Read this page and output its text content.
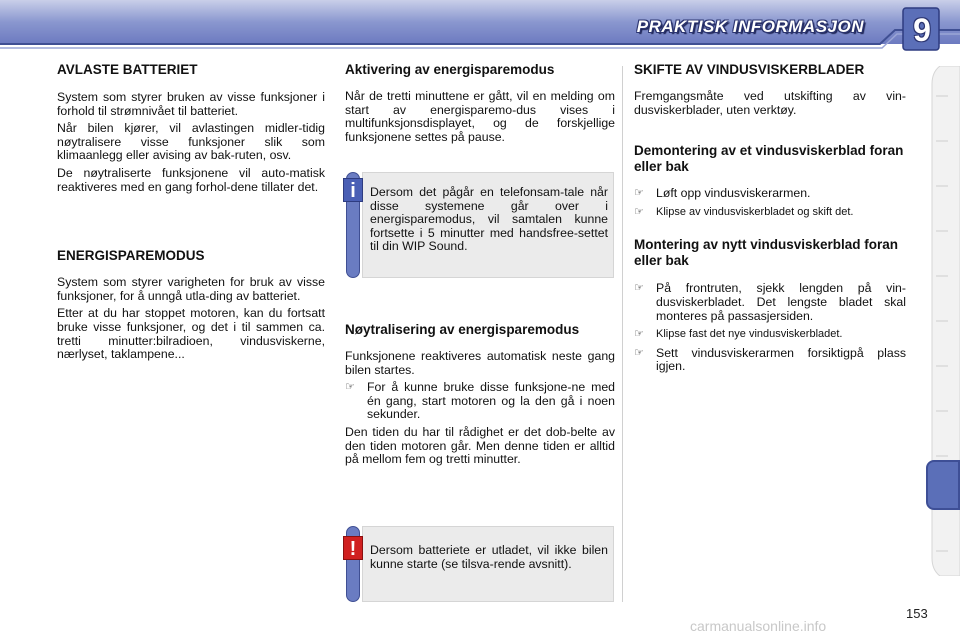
PRAKTISK INFORMASJON 9
AVLASTE BATTERIET

System som styrer bruken av visse funksjoner i forhold til strømnivået til batteriet.

Når bilen kjører, vil avlastingen midler-tidig nøytralisere visse funksjoner slik som klimaanlegg eller avising av bak-ruten, osv.

De nøytraliserte funksjonene vil auto-matisk reaktiveres med en gang forhol-dene tillater det.

ENERGISPAREMODUS

System som styrer varigheten for bruk av visse funksjoner, for å unngå utla-ding av batteriet.

Etter at du har stoppet motoren, kan du fortsatt bruke visse funksjoner, og det i til sammen ca. tretti minutter:bilradioen, vindusviskerne, nærlyset, taklampene...

Aktivering av energisparemodus

Når de tretti minuttene er gått, vil en melding om start av energisparemo-dus vises i multifunksjonsdisplayet, og de forskjellige funksjonene settes på pause.

i	Dersom det pågår en telefonsam-tale når disse systemene går over i energisparemodus, vil samtalen kunne fortsette i 5 minutter med handsfree-settet til din WIP Sound.
Nøytralisering av energisparemodus

Funksjonene reaktiveres automatisk neste gang bilen startes.

☞ For å kunne bruke disse funksjone-ne med én gang, start motoren og la den gå i noen sekunder.

Den tiden du har til rådighet er det dob-belte av den tiden motoren går. Men denne tiden er alltid på mellom fem og tretti minutter.

!	Dersom batteriete er utladet, vil ikke bilen kunne starte (se tilsva-rende avsnitt).
SKIFTE AV VINDUSVISKERBLADER

Fremgangsmåte ved utskifting av vin-dusviskerblader, uten verktøy.

Demontering av et vindusviskerblad foran eller bak
☞ Løft opp vindusviskerarmen.
☞	Klipse av vindusviskerbladet og skift det.
Montering av nytt vindusviskerblad foran eller bak
☞ På frontruten, sjekk lengden på vin-dusviskerbladet. Det lengste bladet skal monteres på passasjersiden.
☞	Klipse fast det nye vindusviskerbladet.
☞ Sett vindusviskerarmen forsiktigpå plass igjen.
153
carmanualsonline.info
